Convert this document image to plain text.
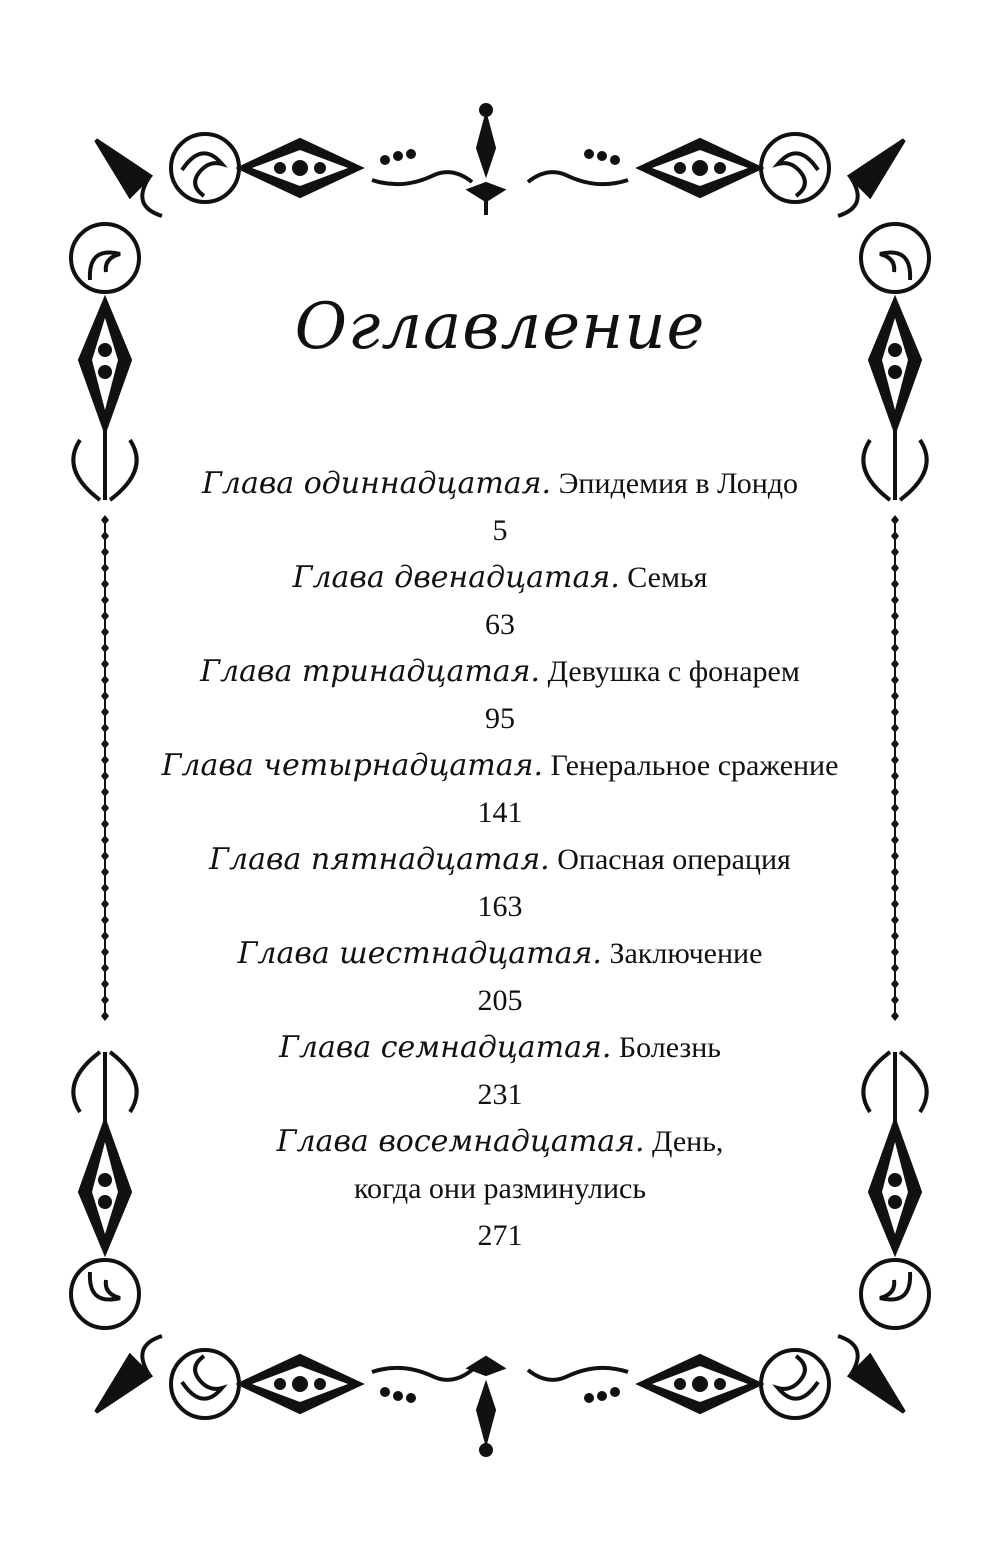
Оглавление
Глава одиннадцатая. Эпидемия в Лондо
5
Глава двенадцатая. Семья
63
Глава тринадцатая. Девушка с фонарем
95
Глава четырнадцатая. Генеральное сражение
141
Глава пятнадцатая. Опасная операция
163
Глава шестнадцатая. Заключение
205
Глава семнадцатая. Болезнь
231
Глава восемнадцатая. День,
когда они разминулись
271
